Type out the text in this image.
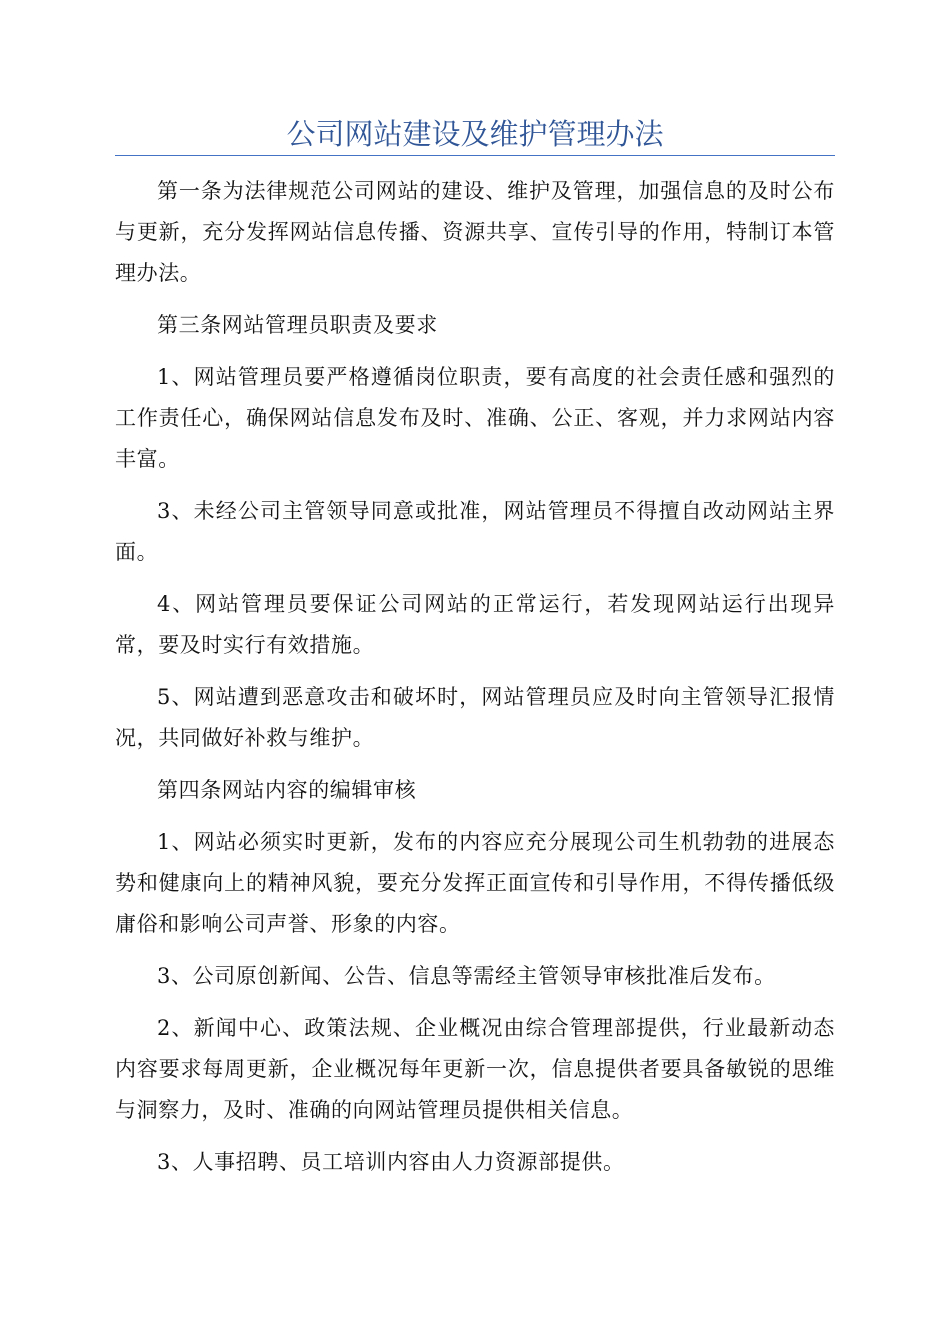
公司网站建设及维护管理办法

第一条为法律规范公司网站的建设、维护及管理，加强信息的及时公布与更新，充分发挥网站信息传播、资源共享、宣传引导的作用，特制订本管理办法。

第三条网站管理员职责及要求

1、网站管理员要严格遵循岗位职责，要有高度的社会责任感和强烈的工作责任心，确保网站信息发布及时、准确、公正、客观，并力求网站内容丰富。

3、未经公司主管领导同意或批准，网站管理员不得擅自改动网站主界面。

4、网站管理员要保证公司网站的正常运行，若发现网站运行出现异常，要及时实行有效措施。

5、网站遭到恶意攻击和破坏时，网站管理员应及时向主管领导汇报情况，共同做好补救与维护。

第四条网站内容的编辑审核

1、网站必须实时更新，发布的内容应充分展现公司生机勃勃的进展态势和健康向上的精神风貌，要充分发挥正面宣传和引导作用，不得传播低级庸俗和影响公司声誉、形象的内容。

3、公司原创新闻、公告、信息等需经主管领导审核批准后发布。

2、新闻中心、政策法规、企业概况由综合管理部提供，行业最新动态内容要求每周更新，企业概况每年更新一次，信息提供者要具备敏锐的思维与洞察力，及时、准确的向网站管理员提供相关信息。

3、人事招聘、员工培训内容由人力资源部提供。
